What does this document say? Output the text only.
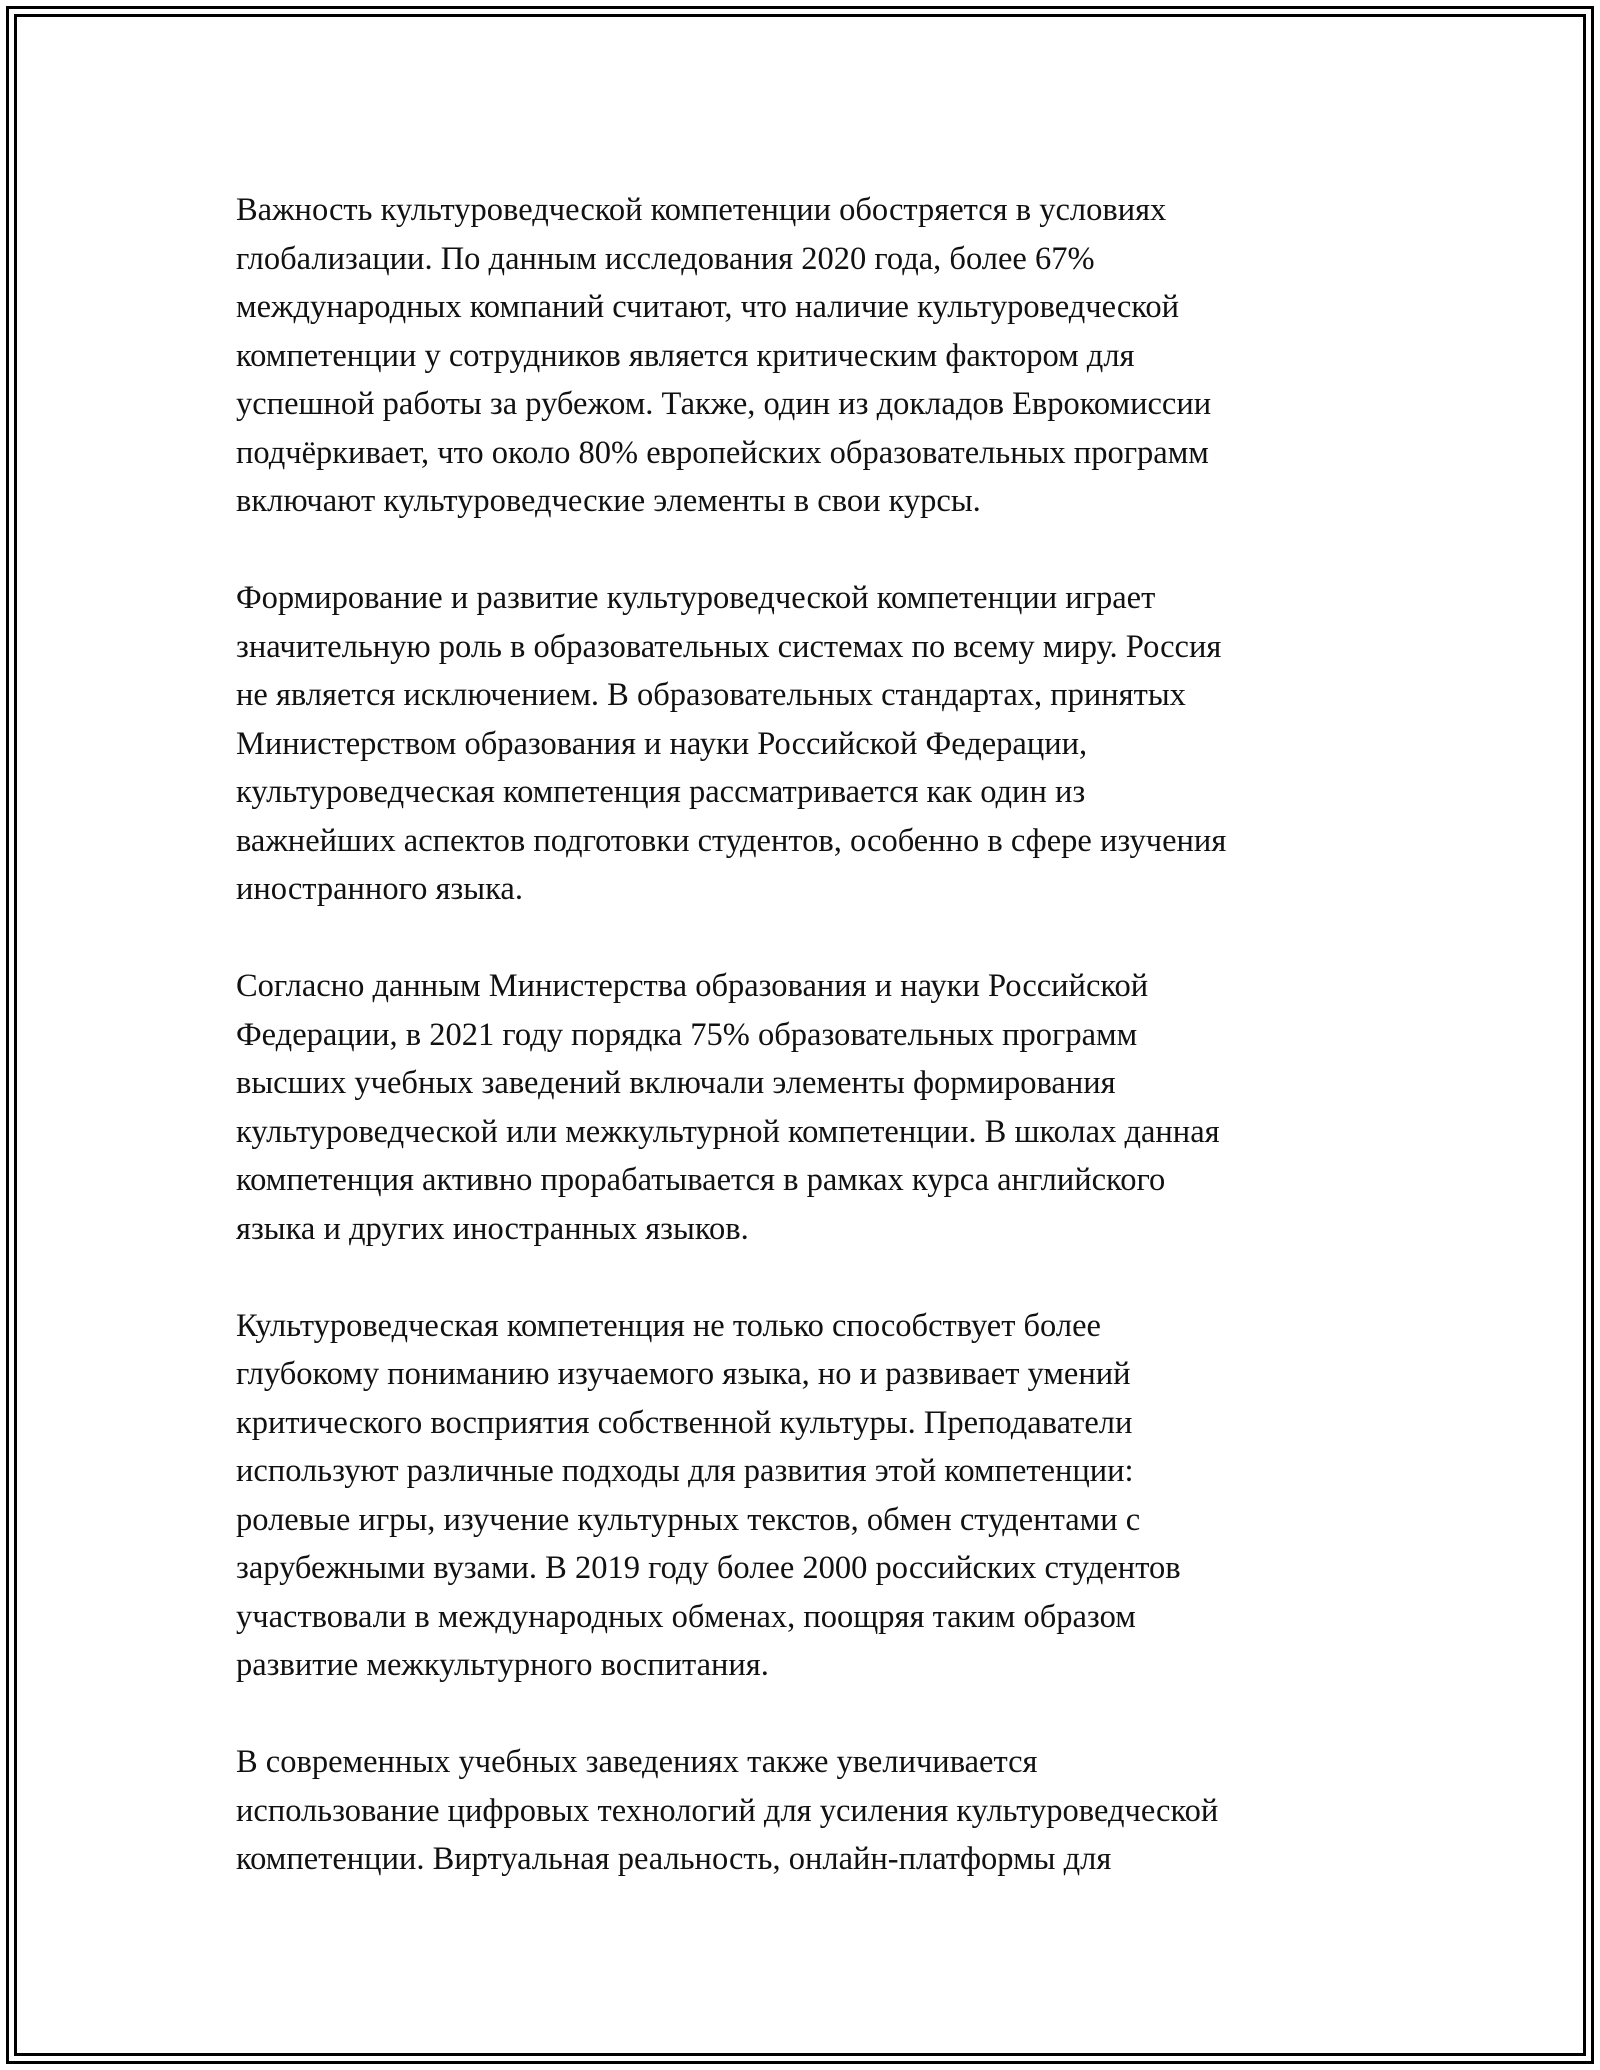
Важность культуроведческой компетенции обостряется в условиях
глобализации. По данным исследования 2020 года, более 67%
международных компаний считают, что наличие культуроведческой
компетенции у сотрудников является критическим фактором для
успешной работы за рубежом. Также, один из докладов Еврокомиссии
подчёркивает, что около 80% европейских образовательных программ
включают культуроведческие элементы в свои курсы.

Формирование и развитие культуроведческой компетенции играет
значительную роль в образовательных системах по всему миру. Россия
не является исключением. В образовательных стандартах, принятых
Министерством образования и науки Российской Федерации,
культуроведческая компетенция рассматривается как один из
важнейших аспектов подготовки студентов, особенно в сфере изучения
иностранного языка.

Согласно данным Министерства образования и науки Российской
Федерации, в 2021 году порядка 75% образовательных программ
высших учебных заведений включали элементы формирования
культуроведческой или межкультурной компетенции. В школах данная
компетенция активно прорабатывается в рамках курса английского
языка и других иностранных языков.

Культуроведческая компетенция не только способствует более
глубокому пониманию изучаемого языка, но и развивает умений
критического восприятия собственной культуры. Преподаватели
используют различные подходы для развития этой компетенции:
ролевые игры, изучение культурных текстов, обмен студентами с
зарубежными вузами. В 2019 году более 2000 российских студентов
участвовали в международных обменах, поощряя таким образом
развитие межкультурного воспитания.

В современных учебных заведениях также увеличивается
использование цифровых технологий для усиления культуроведческой
компетенции. Виртуальная реальность, онлайн-платформы для
